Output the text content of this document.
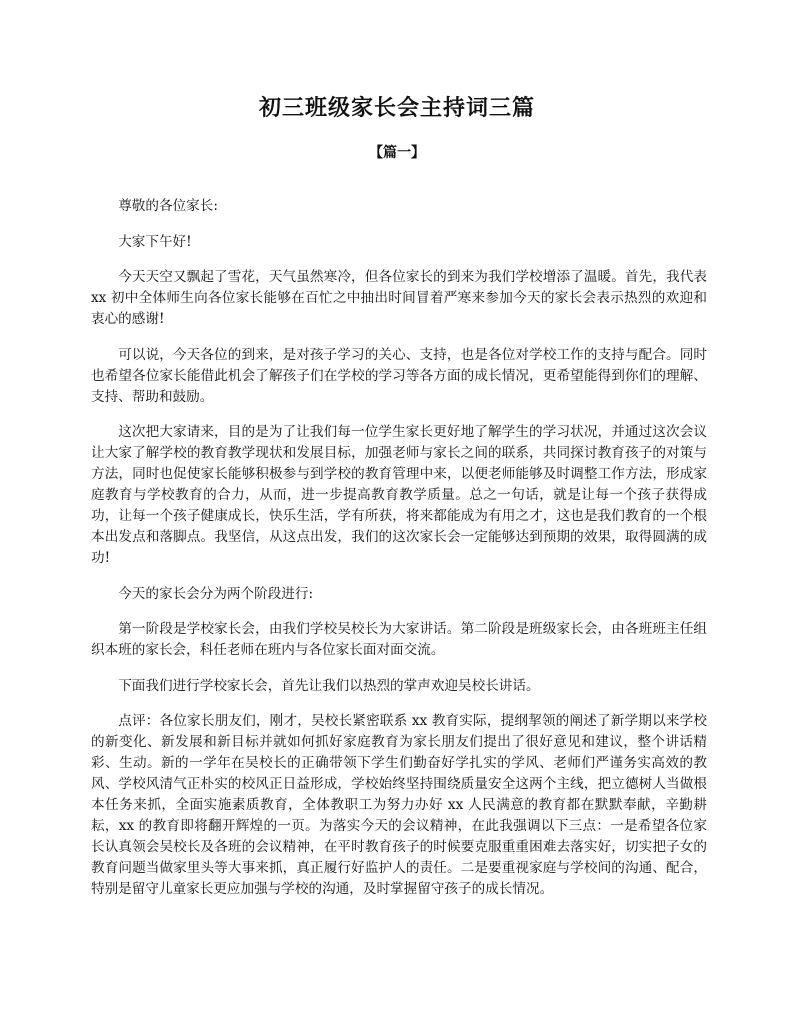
初三班级家长会主持词三篇
【篇一】

尊敬的各位家长:

大家下午好!

今天天空又飘起了雪花，天气虽然寒冷，但各位家长的到来为我们学校增添了温暖。首先，我代表 xx 初中全体师生向各位家长能够在百忙之中抽出时间冒着严寒来参加今天的家长会表示热烈的欢迎和衷心的感谢!

可以说，今天各位的到来，是对孩子学习的关心、支持，也是各位对学校工作的支持与配合。同时也希望各位家长能借此机会了解孩子们在学校的学习等各方面的成长情况，更希望能得到你们的理解、支持、帮助和鼓励。

这次把大家请来，目的是为了让我们每一位学生家长更好地了解学生的学习状况，并通过这次会议让大家了解学校的教育教学现状和发展目标，加强老师与家长之间的联系，共同探讨教育孩子的对策与方法，同时也促使家长能够积极参与到学校的教育管理中来，以便老师能够及时调整工作方法，形成家庭教育与学校教育的合力，从而，进一步提高教育教学质量。总之一句话，就是让每一个孩子获得成功，让每一个孩子健康成长，快乐生活，学有所获，将来都能成为有用之才，这也是我们教育的一个根本出发点和落脚点。我坚信，从这点出发，我们的这次家长会一定能够达到预期的效果，取得圆满的成功!

今天的家长会分为两个阶段进行:

第一阶段是学校家长会，由我们学校吴校长为大家讲话。第二阶段是班级家长会，由各班班主任组织本班的家长会，科任老师在班内与各位家长面对面交流。

下面我们进行学校家长会，首先让我们以热烈的掌声欢迎吴校长讲话。

点评：各位家长朋友们，刚才，吴校长紧密联系 xx 教育实际，提纲挈领的阐述了新学期以来学校的新变化、新发展和新目标并就如何抓好家庭教育为家长朋友们提出了很好意见和建议，整个讲话精彩、生动。新的一学年在吴校长的正确带领下学生们勤奋好学扎实的学风、老师们严谨务实高效的教风、学校风清气正朴实的校风正日益形成，学校始终坚持围绕质量安全这两个主线，把立德树人当做根本任务来抓，全面实施素质教育，全体教职工为努力办好 xx 人民满意的教育都在默默奉献，辛勤耕耘，xx 的教育即将翻开辉煌的一页。为落实今天的会议精神，在此我强调以下三点：一是希望各位家长认真领会吴校长及各班的会议精神，在平时教育孩子的时候要克服重重困难去落实好，切实把子女的教育问题当做家里头等大事来抓，真正履行好监护人的责任。二是要重视家庭与学校间的沟通、配合，特别是留守儿童家长更应加强与学校的沟通，及时掌握留守孩子的成长情况。
